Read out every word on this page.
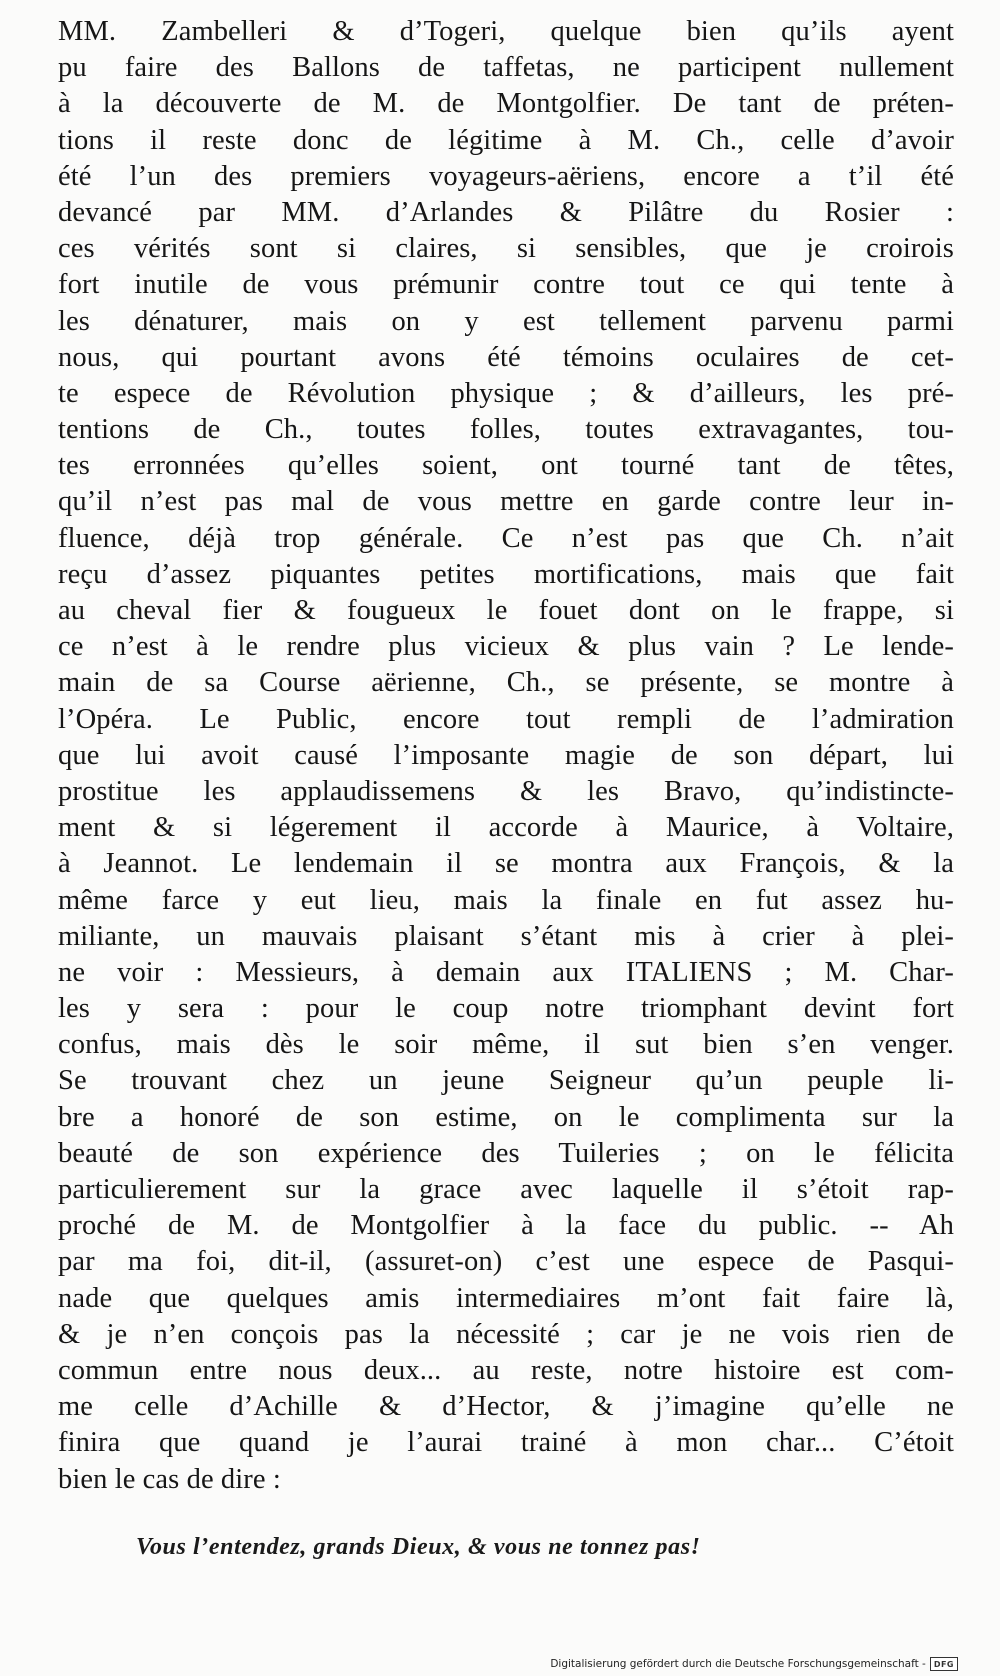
MM. Zambelleri & d’Togeri, quelque bien qu’ils ayent
pu faire des Ballons de taffetas, ne participent nullement
à la découverte de M. de Montgolfier. De tant de préten-
tions il reste donc de légitime à M. Ch., celle d’avoir
été l’un des premiers voyageurs-aëriens, encore a t’il été
devancé par MM. d’Arlandes & Pilâtre du Rosier :
ces vérités sont si claires, si sensibles, que je croirois
fort inutile de vous prémunir contre tout ce qui tente à
les dénaturer, mais on y est tellement parvenu parmi
nous, qui pourtant avons été témoins oculaires de cet-
te espece de Révolution physique ; & d’ailleurs, les pré-
tentions de Ch., toutes folles, toutes extravagantes, tou-
tes erronnées qu’elles soient, ont tourné tant de têtes,
qu’il n’est pas mal de vous mettre en garde contre leur in-
fluence, déjà trop générale. Ce n’est pas que Ch. n’ait
reçu d’assez piquantes petites mortifications, mais que fait
au cheval fier & fougueux le fouet dont on le frappe, si
ce n’est à le rendre plus vicieux & plus vain ? Le lende-
main de sa Course aërienne, Ch., se présente, se montre à
l’Opéra. Le Public, encore tout rempli de l’admiration
que lui avoit causé l’imposante magie de son départ, lui
prostitue les applaudissemens & les Bravo, qu’indistincte-
ment & si légerement il accorde à Maurice, à Voltaire,
à Jeannot. Le lendemain il se montra aux François, & la
même farce y eut lieu, mais la finale en fut assez hu-
miliante, un mauvais plaisant s’étant mis à crier à plei-
ne voir : Messieurs, à demain aux ITALIENS ; M. Char-
les y sera : pour le coup notre triomphant devint fort
confus, mais dès le soir même, il sut bien s’en venger.
Se trouvant chez un jeune Seigneur qu’un peuple li-
bre a honoré de son estime, on le complimenta sur la
beauté de son expérience des Tuileries ; on le félicita
particulierement sur la grace avec laquelle il s’étoit rap-
proché de M. de Montgolfier à la face du public. -- Ah
par ma foi, dit-il, (assuret-on) c’est une espece de Pasqui-
nade que quelques amis intermediaires m’ont fait faire là,
& je n’en conçois pas la nécessité ; car je ne vois rien de
commun entre nous deux... au reste, notre histoire est com-
me celle d’Achille & d’Hector, & j’imagine qu’elle ne
finira que quand je l’aurai trainé à mon char... C’étoit
bien le cas de dire :
Vous l’entendez, grands Dieux, & vous ne tonnez pas!
Digitalisierung gefördert durch die Deutsche Forschungsgemeinschaft -	DFG
